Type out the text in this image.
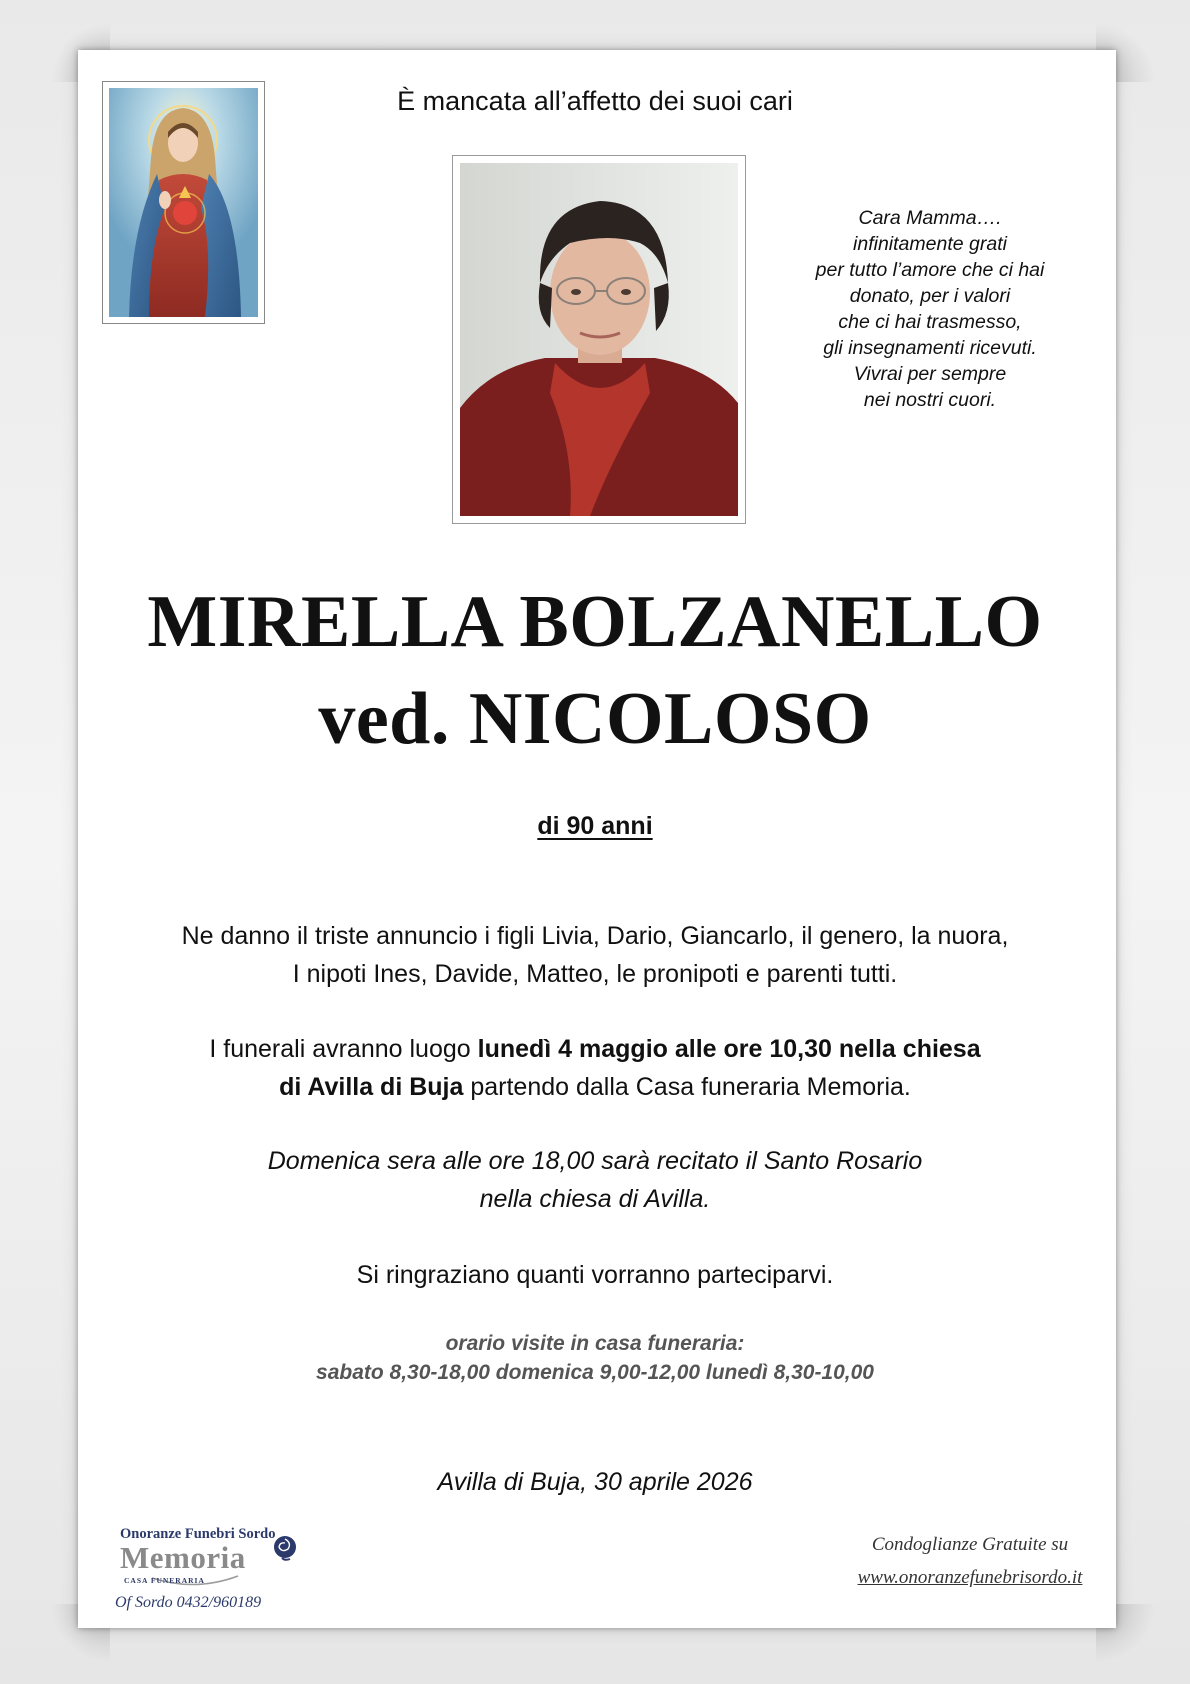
È mancata all’affetto dei suoi cari
Cara Mamma….
infinitamente grati
per tutto l’amore che ci hai
donato, per i valori
che ci hai trasmesso,
gli insegnamenti ricevuti.
Vivrai per sempre
nei nostri cuori.
MIRELLA BOLZANELLO
ved. NICOLOSO
di 90 anni
Ne danno il triste annuncio i figli Livia, Dario, Giancarlo, il genero, la nuora,
I nipoti Ines, Davide, Matteo, le pronipoti e parenti tutti.
I funerali avranno luogo lunedì 4 maggio alle ore 10,30 nella chiesa
di Avilla di Buja partendo dalla Casa funeraria Memoria.
Domenica sera alle ore 18,00 sarà recitato il Santo Rosario
nella chiesa di Avilla.
Si ringraziano quanti vorranno parteciparvi.
orario visite in casa funeraria:
sabato 8,30-18,00 domenica 9,00-12,00 lunedì 8,30-10,00
Avilla di Buja, 30 aprile 2026
Onoranze Funebri Sordo
Memoria
CASA FUNERARIA
Of Sordo 0432/960189
Condoglianze Gratuite su
www.onoranzefunebrisordo.it
